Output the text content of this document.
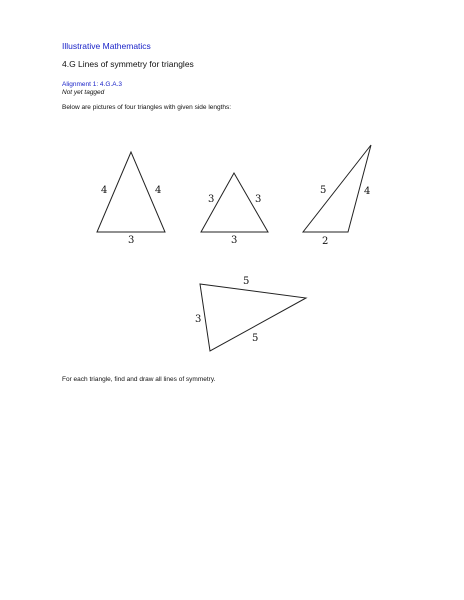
Illustrative Mathematics
4.G Lines of symmetry for triangles
Alignment 1: 4.G.A.3
Not yet tagged
Below are pictures of four triangles with given side lengths:
4	4
3
3	3
3
5	4
2
5
3
5
For each triangle, find and draw all lines of symmetry.
